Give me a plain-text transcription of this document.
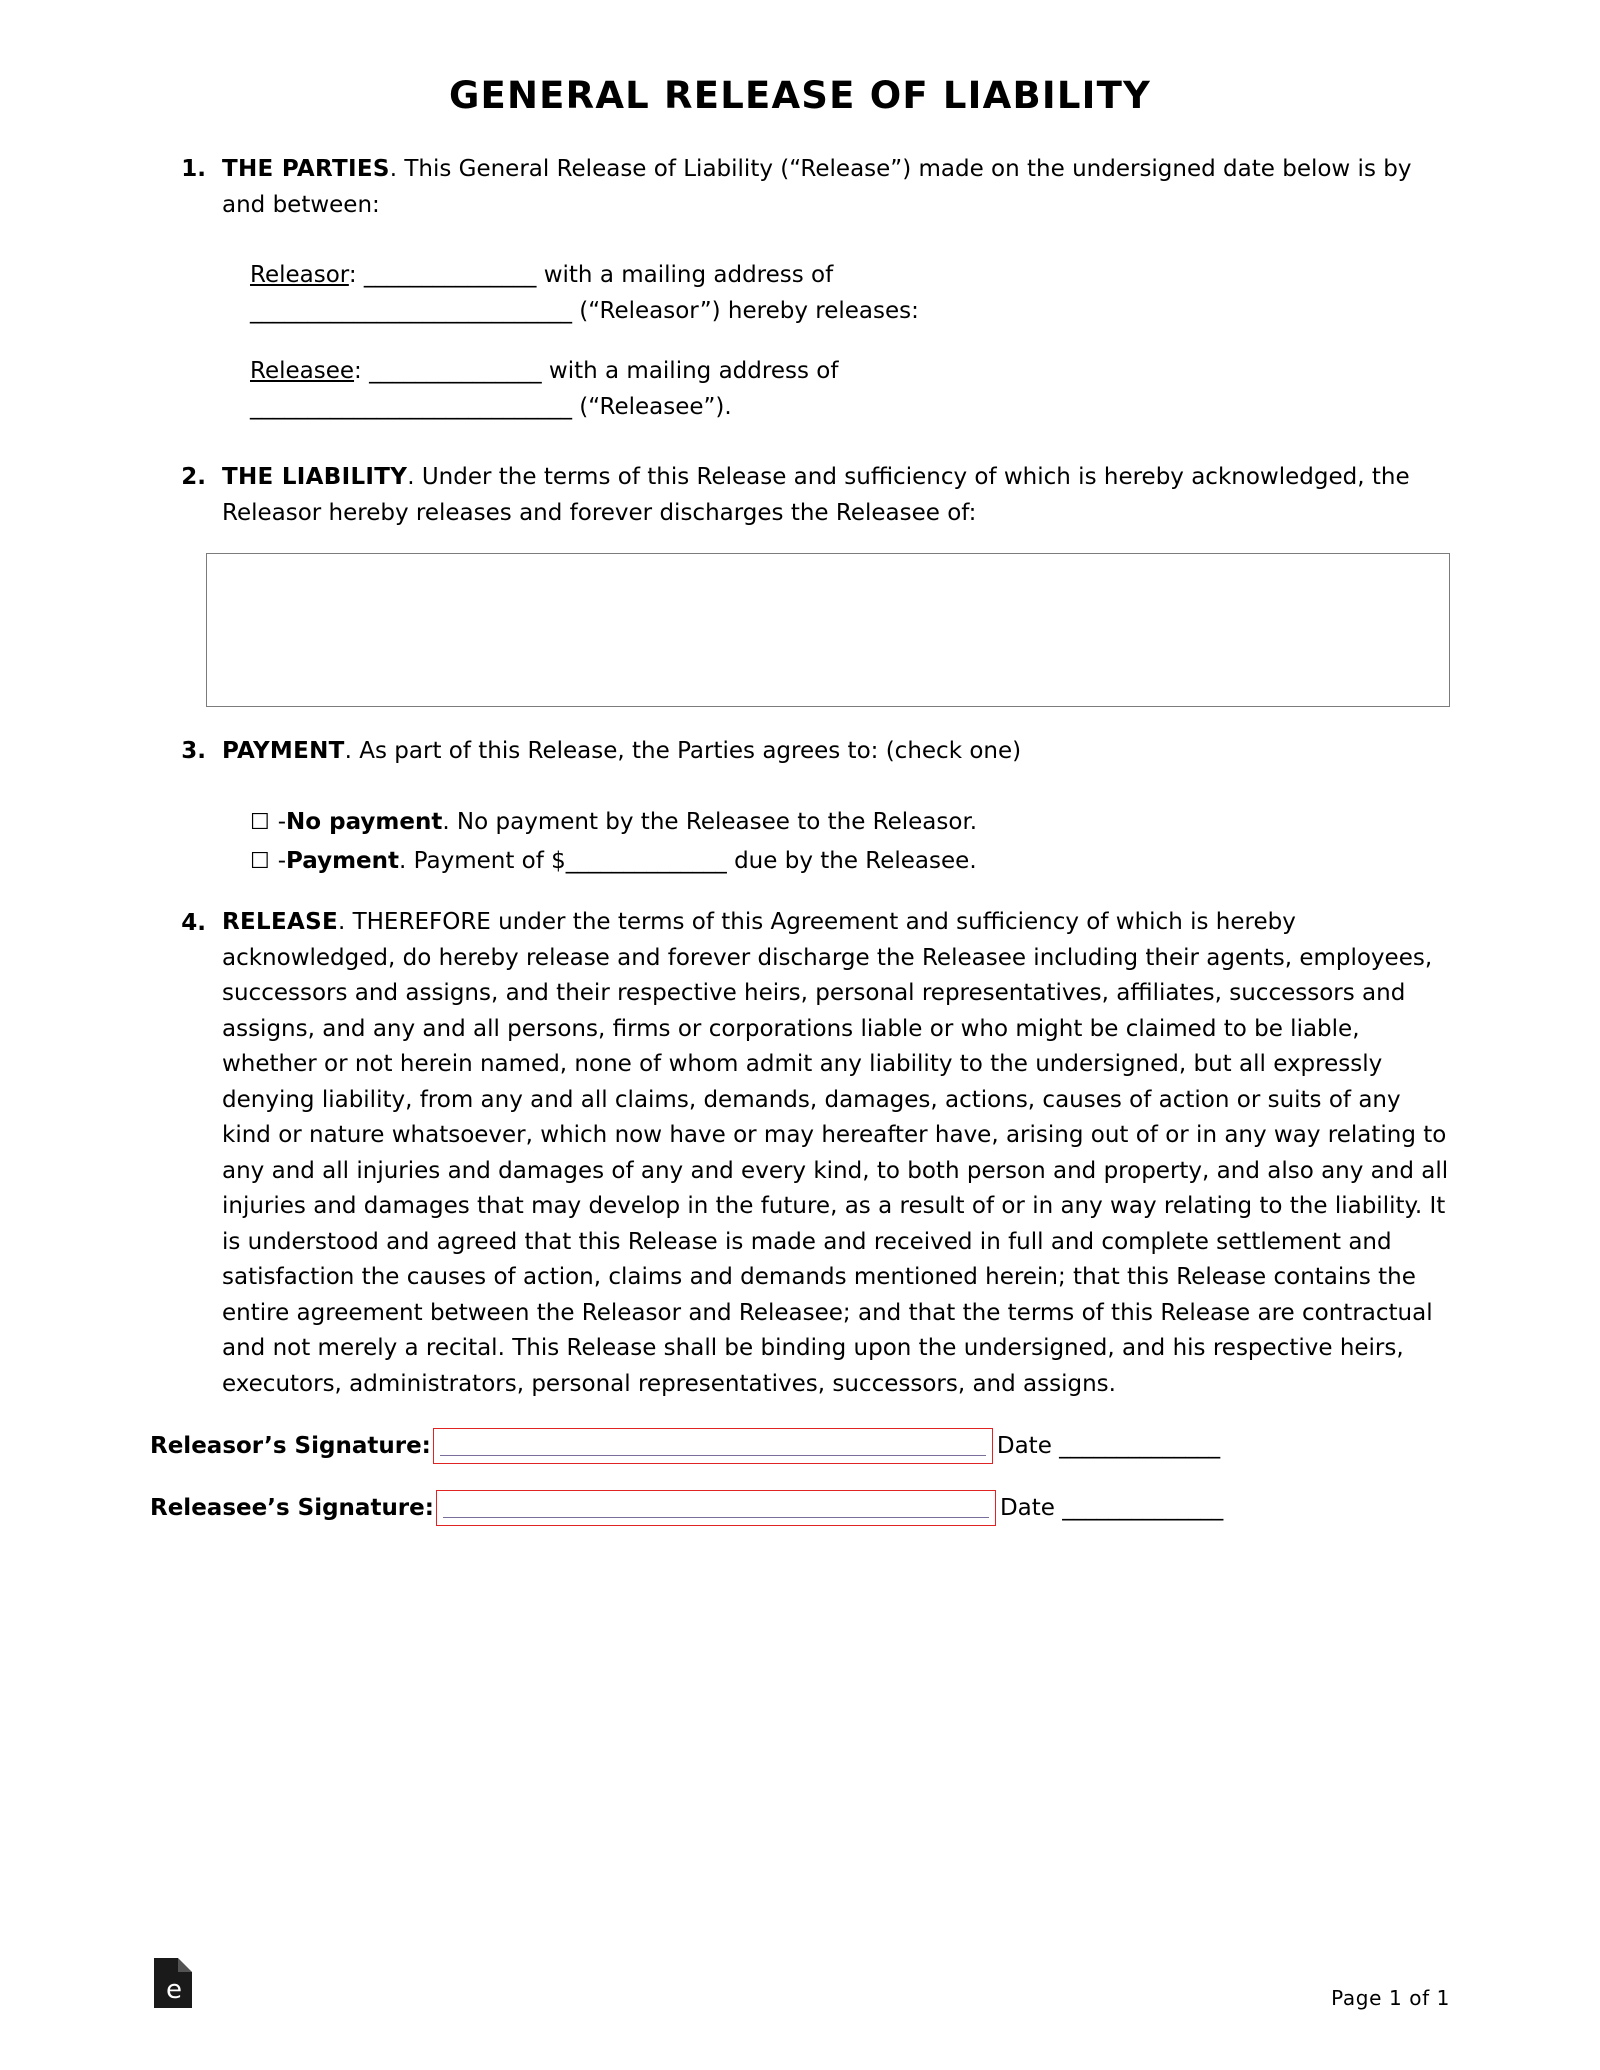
GENERAL RELEASE OF LIABILITY
1. THE PARTIES. This General Release of Liability (“Release”) made on the undersigned date below is by and between:
Releasor: _______________ with a mailing address of
____________________________ (“Releasor”) hereby releases:
Releasee: _______________ with a mailing address of
____________________________ (“Releasee”).
2. THE LIABILITY. Under the terms of this Release and sufficiency of which is hereby acknowledged, the Releasor hereby releases and forever discharges the Releasee of:
3. PAYMENT. As part of this Release, the Parties agrees to: (check one)
☐ - No payment . No payment by the Releasee to the Releasor.
☐ - Payment . Payment of $______________ due by the Releasee.
4. RELEASE. THEREFORE under the terms of this Agreement and sufficiency of which is hereby acknowledged, do hereby release and forever discharge the Releasee including their agents, employees, successors and assigns, and their respective heirs, personal representatives, affiliates, successors and assigns, and any and all persons, firms or corporations liable or who might be claimed to be liable, whether or not herein named, none of whom admit any liability to the undersigned, but all expressly denying liability, from any and all claims, demands, damages, actions, causes of action or suits of any kind or nature whatsoever, which now have or may hereafter have, arising out of or in any way relating to any and all injuries and damages of any and every kind, to both person and property, and also any and all injuries and damages that may develop in the future, as a result of or in any way relating to the liability. It is understood and agreed that this Release is made and received in full and complete settlement and satisfaction the causes of action, claims and demands mentioned herein; that this Release contains the entire agreement between the Releasor and Releasee; and that the terms of this Release are contractual and not merely a recital. This Release shall be binding upon the undersigned, and his respective heirs, executors, administrators, personal representatives, successors, and assigns.
Releasor’s Signature:	Date ______________
Releasee’s Signature:	Date ______________
e	Page 1 of 1
